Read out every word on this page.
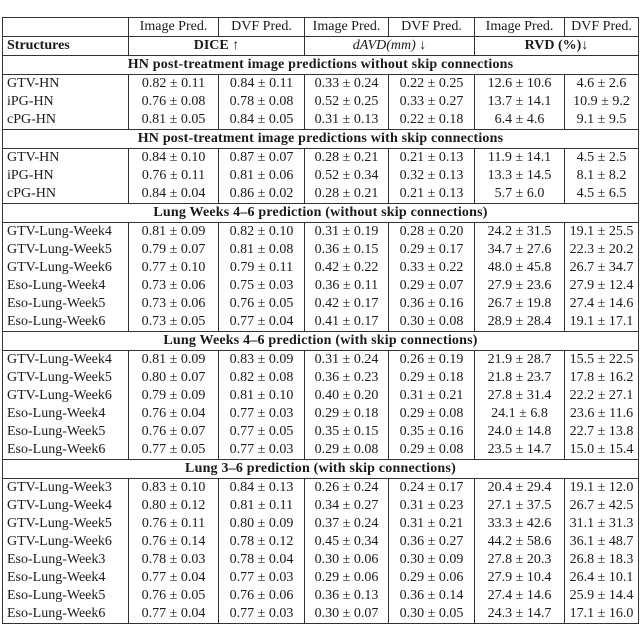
	Image Pred.	DVF Pred.	Image Pred.	DVF Pred.	Image Pred.	DVF Pred.
Structures	DICE ↑		dAVD(mm) ↓		RVD (%)↓	
HN post-treatment image predictions without skip connections						
GTV-HN	0.82 ± 0.11	0.84 ± 0.11	0.33 ± 0.24	0.22 ± 0.25	12.6 ± 10.6	4.6 ± 2.6
iPG-HN	0.76 ± 0.08	0.78 ± 0.08	0.52 ± 0.25	0.33 ± 0.27	13.7 ± 14.1	10.9 ± 9.2
cPG-HN	0.81 ± 0.05	0.84 ± 0.05	0.31 ± 0.13	0.22 ± 0.18	6.4 ± 4.6	9.1 ± 9.5
HN post-treatment image predictions with skip connections						
GTV-HN	0.84 ± 0.10	0.87 ± 0.07	0.28 ± 0.21	0.21 ± 0.13	11.9 ± 14.1	4.5 ± 2.5
iPG-HN	0.76 ± 0.11	0.81 ± 0.06	0.52 ± 0.34	0.32 ± 0.13	13.3 ± 14.5	8.1 ± 8.2
cPG-HN	0.84 ± 0.04	0.86 ± 0.02	0.28 ± 0.21	0.21 ± 0.13	5.7 ± 6.0	4.5 ± 6.5
Lung Weeks 4–6 prediction (without skip connections)						
GTV-Lung-Week4	0.81 ± 0.09	0.82 ± 0.10	0.31 ± 0.19	0.28 ± 0.20	24.2 ± 31.5	19.1 ± 25.5
GTV-Lung-Week5	0.79 ± 0.07	0.81 ± 0.08	0.36 ± 0.15	0.29 ± 0.17	34.7 ± 27.6	22.3 ± 20.2
GTV-Lung-Week6	0.77 ± 0.10	0.79 ± 0.11	0.42 ± 0.22	0.33 ± 0.22	48.0 ± 45.8	26.7 ± 34.7
Eso-Lung-Week4	0.73 ± 0.06	0.75 ± 0.03	0.36 ± 0.11	0.29 ± 0.07	27.9 ± 23.6	27.9 ± 12.4
Eso-Lung-Week5	0.73 ± 0.06	0.76 ± 0.05	0.42 ± 0.17	0.36 ± 0.16	26.7 ± 19.8	27.4 ± 14.6
Eso-Lung-Week6	0.73 ± 0.05	0.77 ± 0.04	0.41 ± 0.17	0.30 ± 0.08	28.9 ± 28.4	19.1 ± 17.1
Lung Weeks 4–6 prediction (with skip connections)						
GTV-Lung-Week4	0.81 ± 0.09	0.83 ± 0.09	0.31 ± 0.24	0.26 ± 0.19	21.9 ± 28.7	15.5 ± 22.5
GTV-Lung-Week5	0.80 ± 0.07	0.82 ± 0.08	0.36 ± 0.23	0.29 ± 0.18	21.8 ± 23.7	17.8 ± 16.2
GTV-Lung-Week6	0.79 ± 0.09	0.81 ± 0.10	0.40 ± 0.20	0.31 ± 0.21	27.8 ± 31.4	22.2 ± 27.1
Eso-Lung-Week4	0.76 ± 0.04	0.77 ± 0.03	0.29 ± 0.18	0.29 ± 0.08	24.1 ± 6.8	23.6 ± 11.6
Eso-Lung-Week5	0.76 ± 0.07	0.77 ± 0.05	0.35 ± 0.15	0.35 ± 0.16	24.0 ± 14.8	22.7 ± 13.8
Eso-Lung-Week6	0.77 ± 0.05	0.77 ± 0.03	0.29 ± 0.08	0.29 ± 0.08	23.5 ± 14.7	15.0 ± 15.4
Lung 3–6 prediction (with skip connections)						
GTV-Lung-Week3	0.83 ± 0.10	0.84 ± 0.13	0.26 ± 0.24	0.24 ± 0.17	20.4 ± 29.4	19.1 ± 12.0
GTV-Lung-Week4	0.80 ± 0.12	0.81 ± 0.11	0.34 ± 0.27	0.31 ± 0.23	27.1 ± 37.5	26.7 ± 42.5
GTV-Lung-Week5	0.76 ± 0.11	0.80 ± 0.09	0.37 ± 0.24	0.31 ± 0.21	33.3 ± 42.6	31.1 ± 31.3
GTV-Lung-Week6	0.76 ± 0.14	0.78 ± 0.12	0.45 ± 0.34	0.36 ± 0.27	44.2 ± 58.6	36.1 ± 48.7
Eso-Lung-Week3	0.78 ± 0.03	0.78 ± 0.04	0.30 ± 0.06	0.30 ± 0.09	27.8 ± 20.3	26.8 ± 18.3
Eso-Lung-Week4	0.77 ± 0.04	0.77 ± 0.03	0.29 ± 0.06	0.29 ± 0.06	27.9 ± 10.4	26.4 ± 10.1
Eso-Lung-Week5	0.76 ± 0.05	0.76 ± 0.06	0.36 ± 0.13	0.36 ± 0.14	27.4 ± 14.6	25.9 ± 14.4
Eso-Lung-Week6	0.77 ± 0.04	0.77 ± 0.03	0.30 ± 0.07	0.30 ± 0.05	24.3 ± 14.7	17.1 ± 16.0
